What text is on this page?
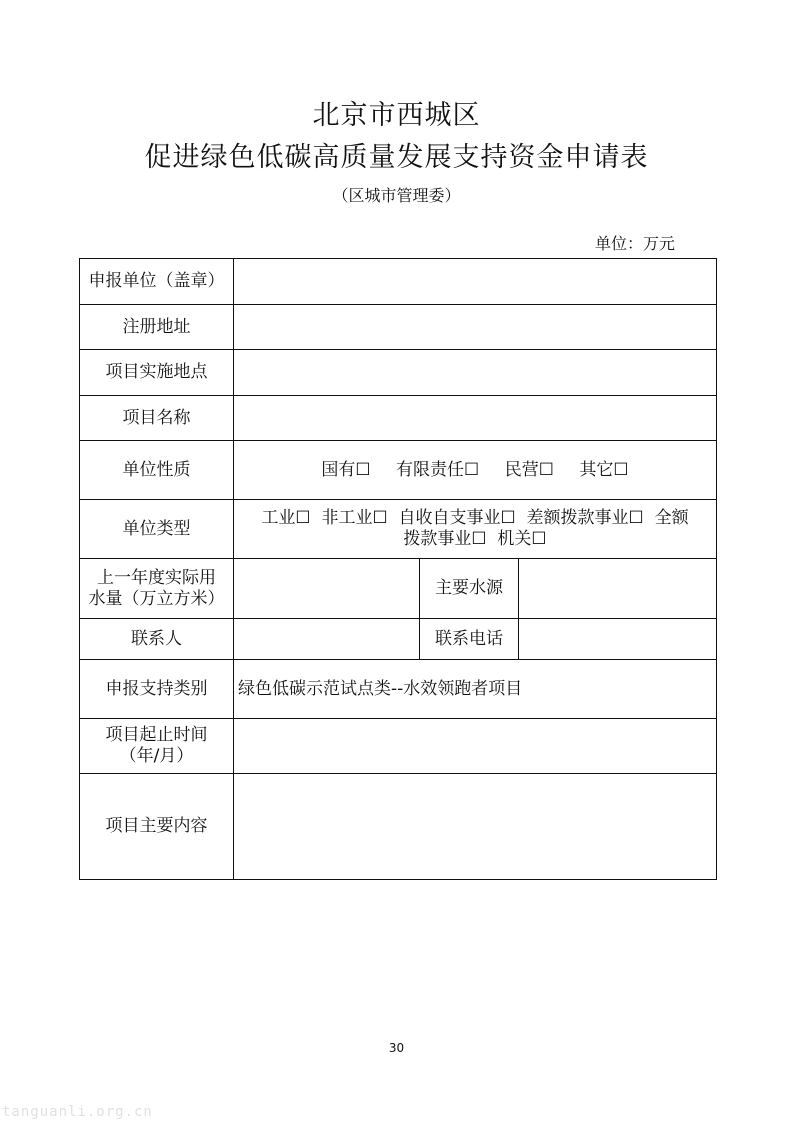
北京市西城区
促进绿色低碳高质量发展支持资金申请表
（区城市管理委）
单位：万元
申报单位（盖章）			
注册地址			
项目实施地点			
项目名称			
单位性质	国有☐ 有限责任☐ 民营☐ 其它☐		
单位类型	工业☐  非工业☐  自收自支事业☐  差额拨款事业☐  全额
拨款事业☐  机关☐		

上一年度实际用
水量（万立方米）		主要水源	
联系人		联系电话	
申报支持类别	绿色低碳示范试点类--水效领跑者项目		

项目起止时间
（年/月）			

项目主要内容			
30
tanguanli.org.cn
